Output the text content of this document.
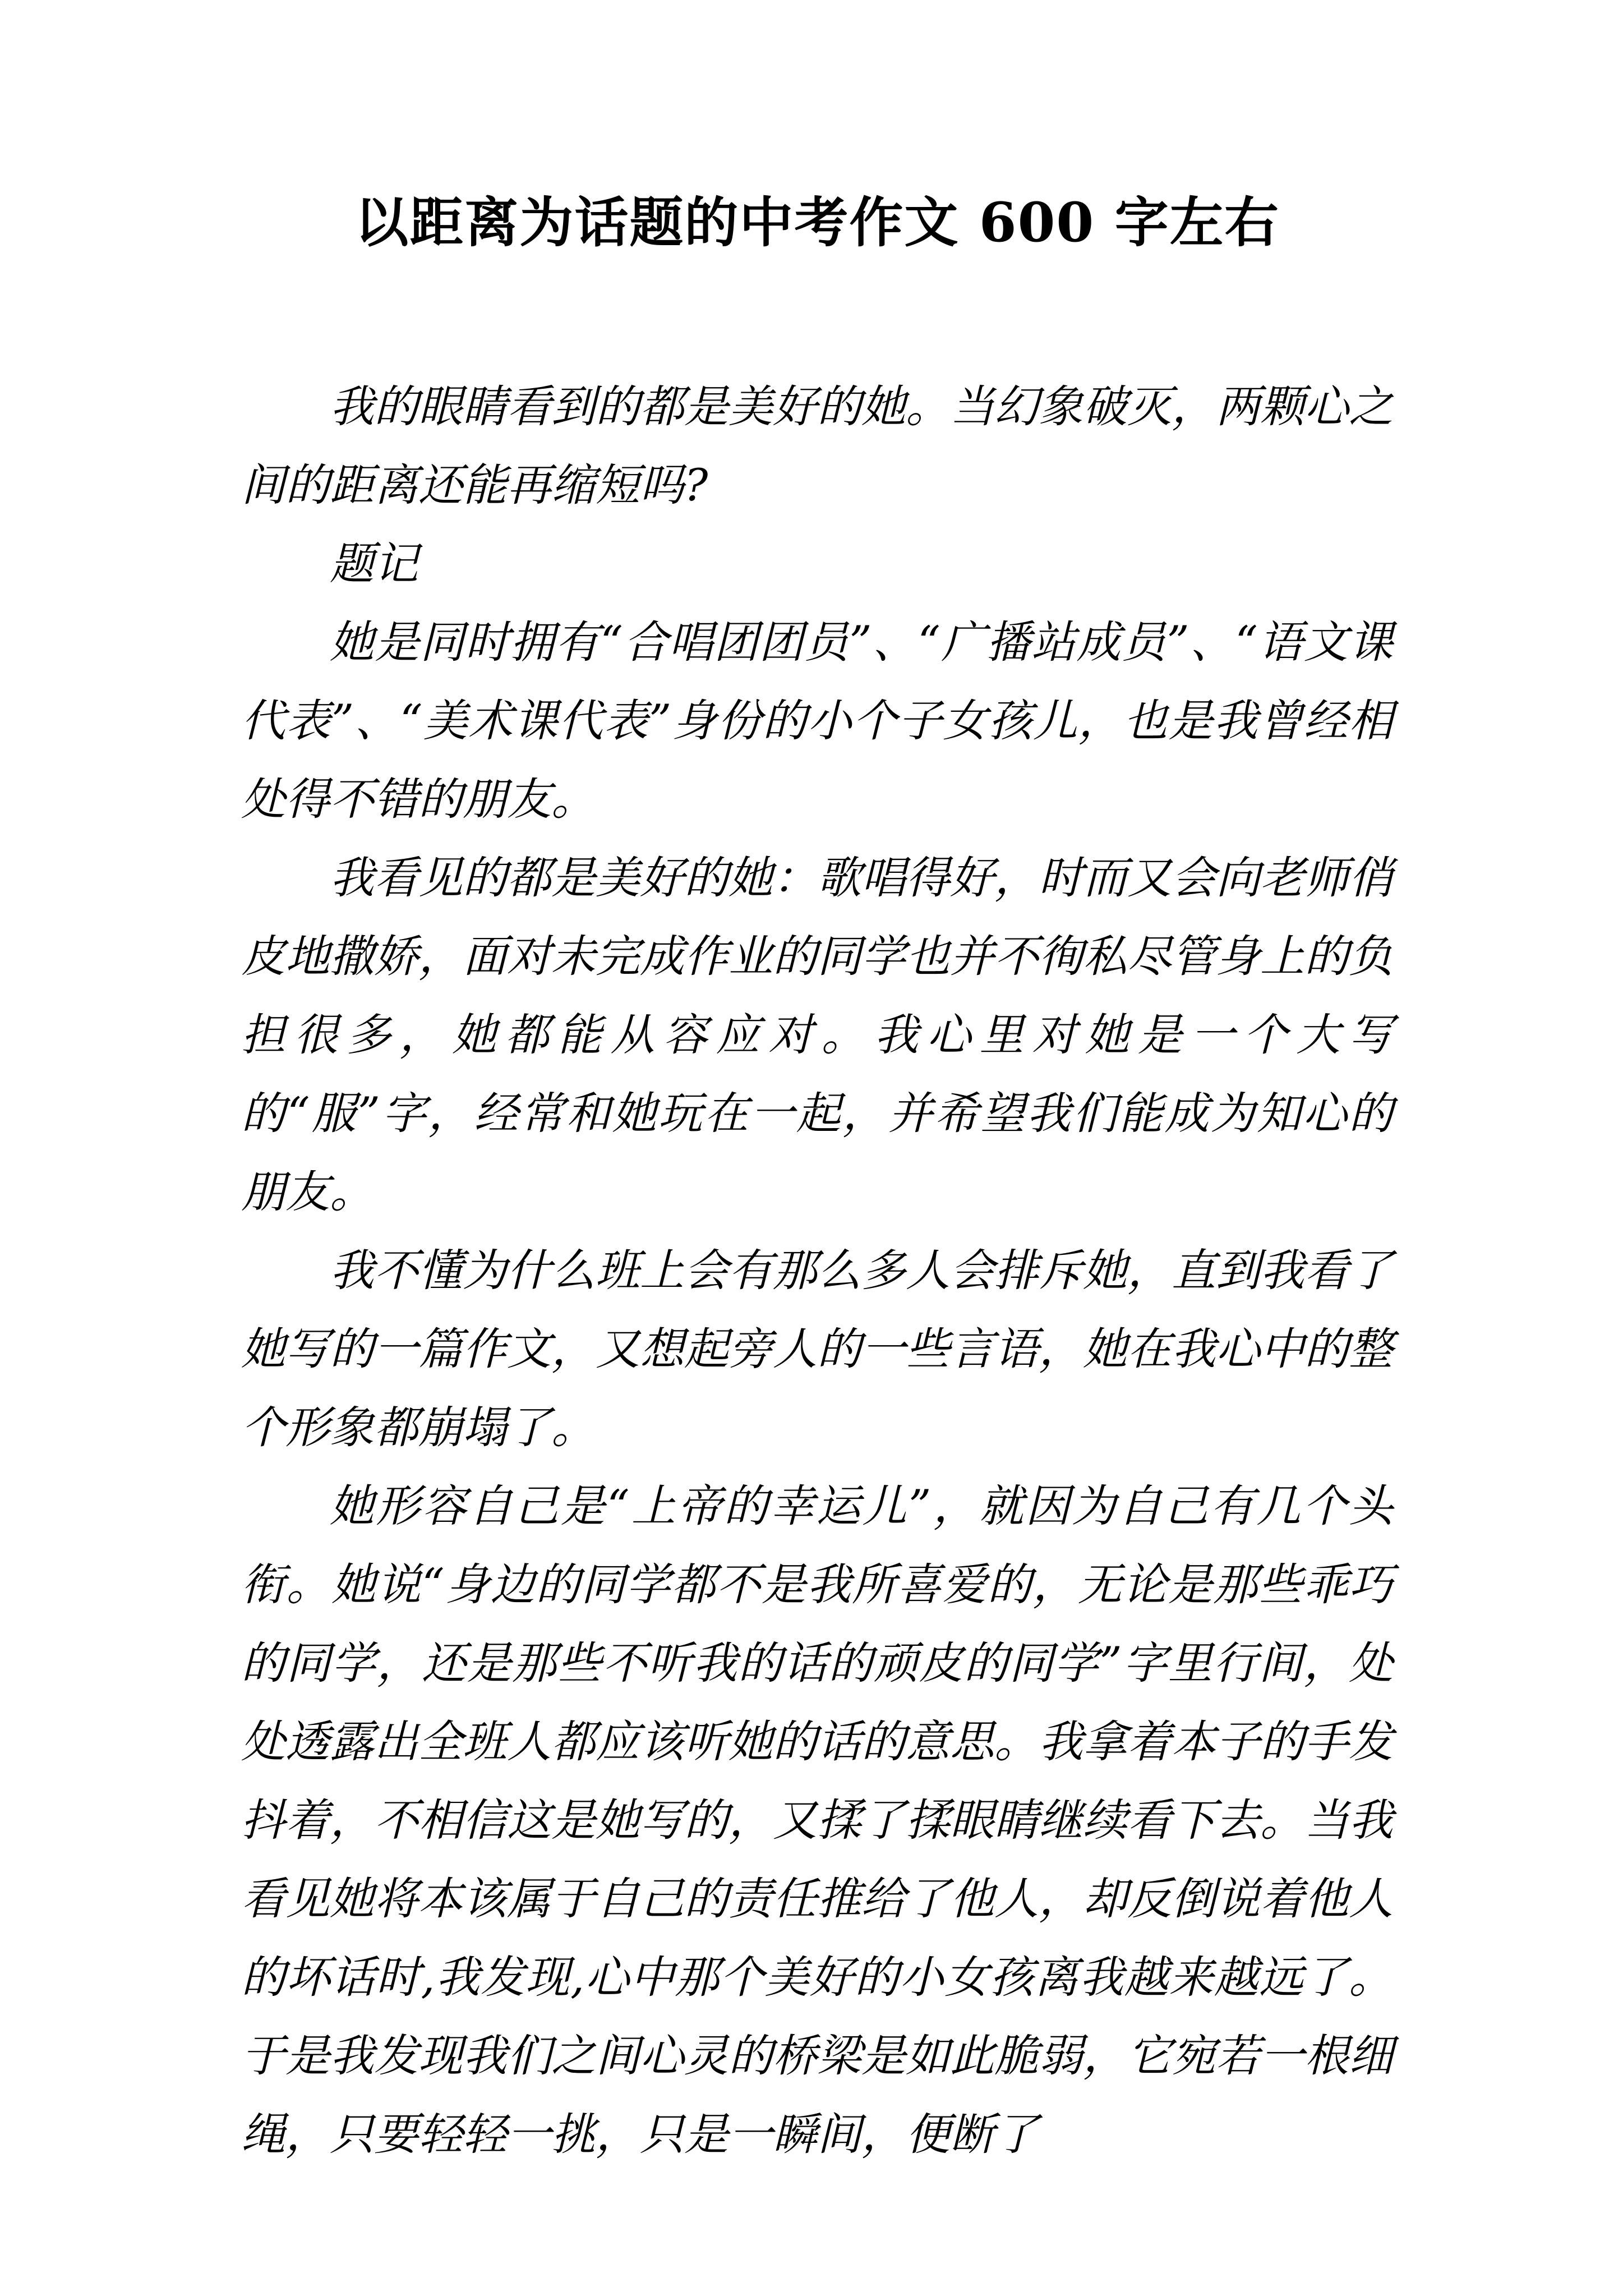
以距离为话题的中考作文 600 字左右

我的眼睛看到的都是美好的她。当幻象破灭，两颗心之间的距离还能再缩短吗?

题记

她是同时拥有“合唱团团员”、“广播站成员”、“语文课代表”、“美术课代表”身份的小个子女孩儿，也是我曾经相处得不错的朋友。

我看见的都是美好的她：歌唱得好，时而又会向老师俏皮地撒娇，面对未完成作业的同学也并不徇私尽管身上的负担很多，她都能从容应对。我心里对她是一个大写的“服”字，经常和她玩在一起，并希望我们能成为知心的朋友。

我不懂为什么班上会有那么多人会排斥她，直到我看了她写的一篇作文，又想起旁人的一些言语，她在我心中的整个形象都崩塌了。

她形容自己是“上帝的幸运儿”，就因为自己有几个头衔。她说“身边的同学都不是我所喜爱的，无论是那些乖巧的同学，还是那些不听我的话的顽皮的同学”字里行间，处处透露出全班人都应该听她的话的意思。我拿着本子的手发抖着，不相信这是她写的，又揉了揉眼睛继续看下去。当我看见她将本该属于自己的责任推给了他人，却反倒说着他人的坏话时,我发现,心中那个美好的小女孩离我越来越远了。于是我发现我们之间心灵的桥梁是如此脆弱，它宛若一根细绳，只要轻轻一挑，只是一瞬间，便断了
